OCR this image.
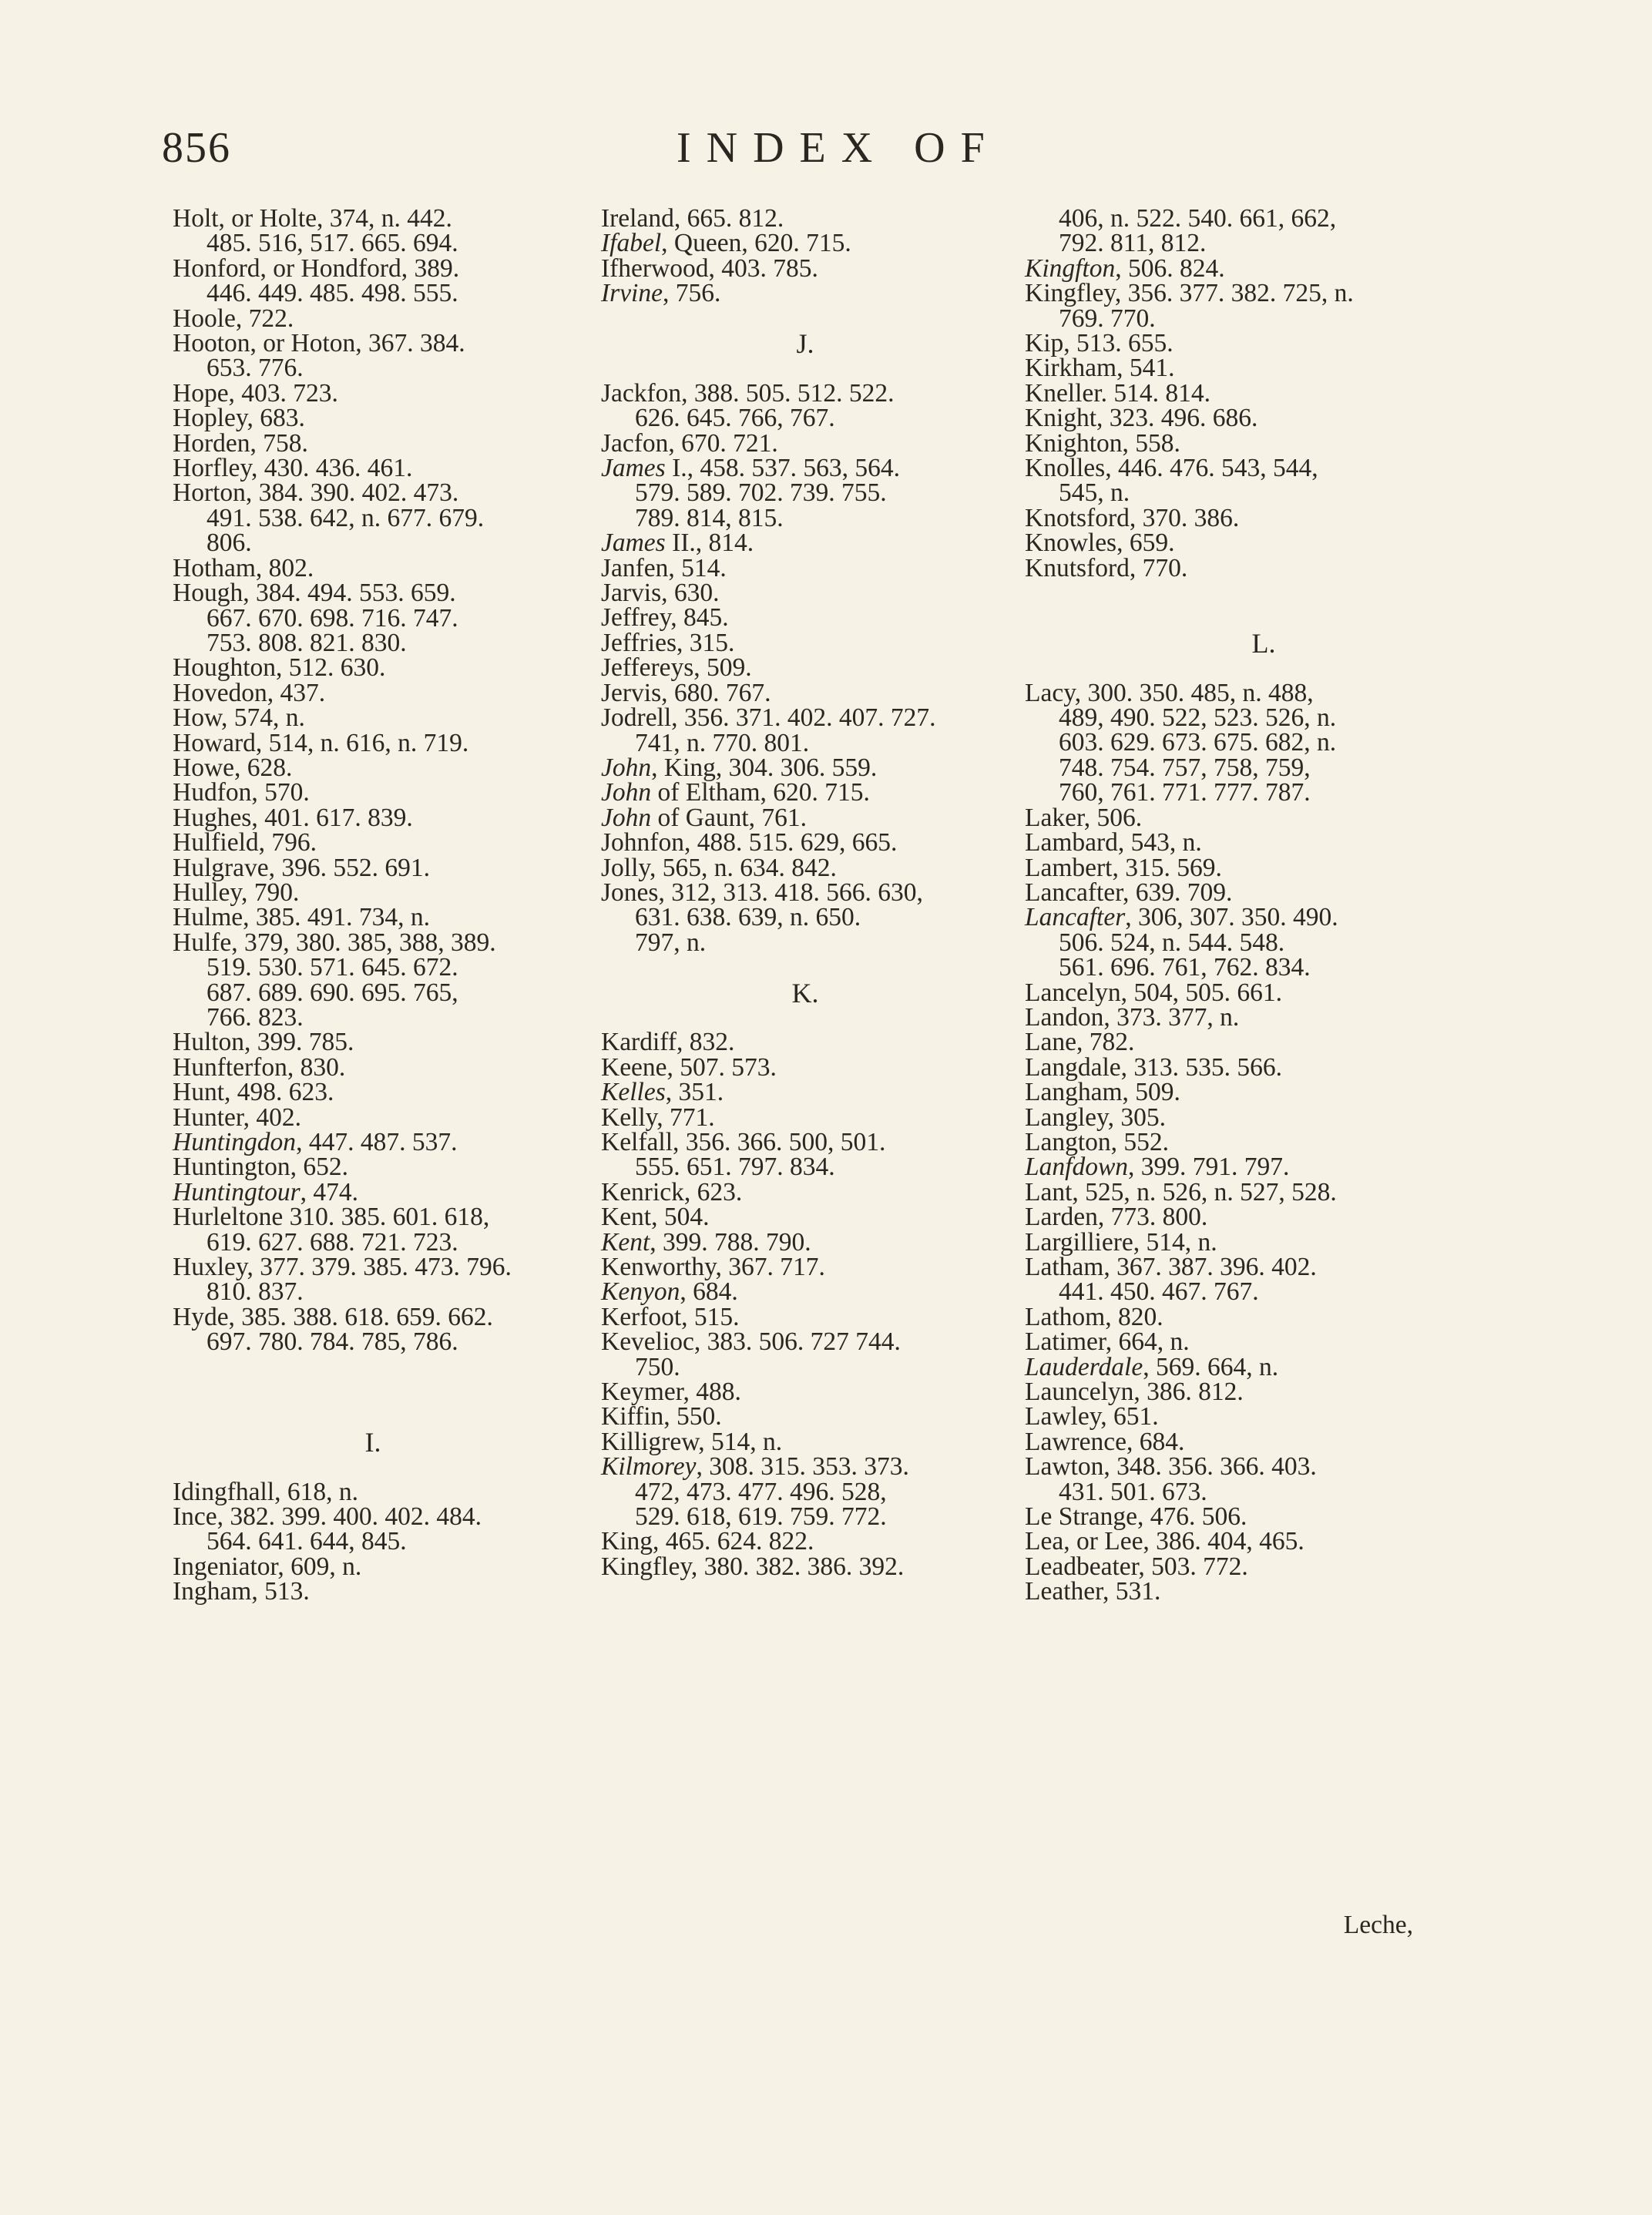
856	INDEX OF
Holt, or Holte, 374, n. 442.
485. 516, 517. 665. 694.
Honford, or Hondford, 389.
446. 449. 485. 498. 555.
Hoole, 722.
Hooton, or Hoton, 367. 384.
653. 776.
Hope, 403. 723.
Hopley, 683.
Horden, 758.
Horfley, 430. 436. 461.
Horton, 384. 390. 402. 473.
491. 538. 642, n. 677. 679.
806.
Hotham, 802.
Hough, 384. 494. 553. 659.
667. 670. 698. 716. 747.
753. 808. 821. 830.
Houghton, 512. 630.
Hovedon, 437.
How, 574, n.
Howard, 514, n. 616, n. 719.
Howe, 628.
Hudfon, 570.
Hughes, 401. 617. 839.
Hulfield, 796.
Hulgrave, 396. 552. 691.
Hulley, 790.
Hulme, 385. 491. 734, n.
Hulfe, 379, 380. 385, 388, 389.
519. 530. 571. 645. 672.
687. 689. 690. 695. 765,
766. 823.
Hulton, 399. 785.
Hunfterfon, 830.
Hunt, 498. 623.
Hunter, 402.
Huntingdon, 447. 487. 537.
Huntington, 652.
Huntingtour, 474.
Hurleltone 310. 385. 601. 618,
619. 627. 688. 721. 723.
Huxley, 377. 379. 385. 473. 796.
810. 837.
Hyde, 385. 388. 618. 659. 662.
697. 780. 784. 785, 786.
I.
Idingfhall, 618, n.
Ince, 382. 399. 400. 402. 484.
564. 641. 644, 845.
Ingeniator, 609, n.
Ingham, 513.
Ireland, 665. 812.
Ifabel, Queen, 620. 715.
Ifherwood, 403. 785.
Irvine, 756.
J.
Jackfon, 388. 505. 512. 522.
626. 645. 766, 767.
Jacfon, 670. 721.
James I., 458. 537. 563, 564.
579. 589. 702. 739. 755.
789. 814, 815.
James II., 814.
Janfen, 514.
Jarvis, 630.
Jeffrey, 845.
Jeffries, 315.
Jeffereys, 509.
Jervis, 680. 767.
Jodrell, 356. 371. 402. 407. 727.
741, n. 770. 801.
John, King, 304. 306. 559.
John of Eltham, 620. 715.
John of Gaunt, 761.
Johnfon, 488. 515. 629, 665.
Jolly, 565, n. 634. 842.
Jones, 312, 313. 418. 566. 630,
631. 638. 639, n. 650.
797, n.
K.
Kardiff, 832.
Keene, 507. 573.
Kelles, 351.
Kelly, 771.
Kelfall, 356. 366. 500, 501.
555. 651. 797. 834.
Kenrick, 623.
Kent, 504.
Kent, 399. 788. 790.
Kenworthy, 367. 717.
Kenyon, 684.
Kerfoot, 515.
Kevelioc, 383. 506. 727 744.
750.
Keymer, 488.
Kiffin, 550.
Killigrew, 514, n.
Kilmorey, 308. 315. 353. 373.
472, 473. 477. 496. 528,
529. 618, 619. 759. 772.
King, 465. 624. 822.
Kingfley, 380. 382. 386. 392.
406, n. 522. 540. 661, 662,
792. 811, 812.
Kingfton, 506. 824.
Kingfley, 356. 377. 382. 725, n.
769. 770.
Kip, 513. 655.
Kirkham, 541.
Kneller. 514. 814.
Knight, 323. 496. 686.
Knighton, 558.
Knolles, 446. 476. 543, 544,
545, n.
Knotsford, 370. 386.
Knowles, 659.
Knutsford, 770.
L.
Lacy, 300. 350. 485, n. 488,
489, 490. 522, 523. 526, n.
603. 629. 673. 675. 682, n.
748. 754. 757, 758, 759,
760, 761. 771. 777. 787.
Laker, 506.
Lambard, 543, n.
Lambert, 315. 569.
Lancafter, 639. 709.
Lancafter, 306, 307. 350. 490.
506. 524, n. 544. 548.
561. 696. 761, 762. 834.
Lancelyn, 504, 505. 661.
Landon, 373. 377, n.
Lane, 782.
Langdale, 313. 535. 566.
Langham, 509.
Langley, 305.
Langton, 552.
Lanfdown, 399. 791. 797.
Lant, 525, n. 526, n. 527, 528.
Larden, 773. 800.
Largilliere, 514, n.
Latham, 367. 387. 396. 402.
441. 450. 467. 767.
Lathom, 820.
Latimer, 664, n.
Lauderdale, 569. 664, n.
Launcelyn, 386. 812.
Lawley, 651.
Lawrence, 684.
Lawton, 348. 356. 366. 403.
431. 501. 673.
Le Strange, 476. 506.
Lea, or Lee, 386. 404, 465.
Leadbeater, 503. 772.
Leather, 531.
Leche,
